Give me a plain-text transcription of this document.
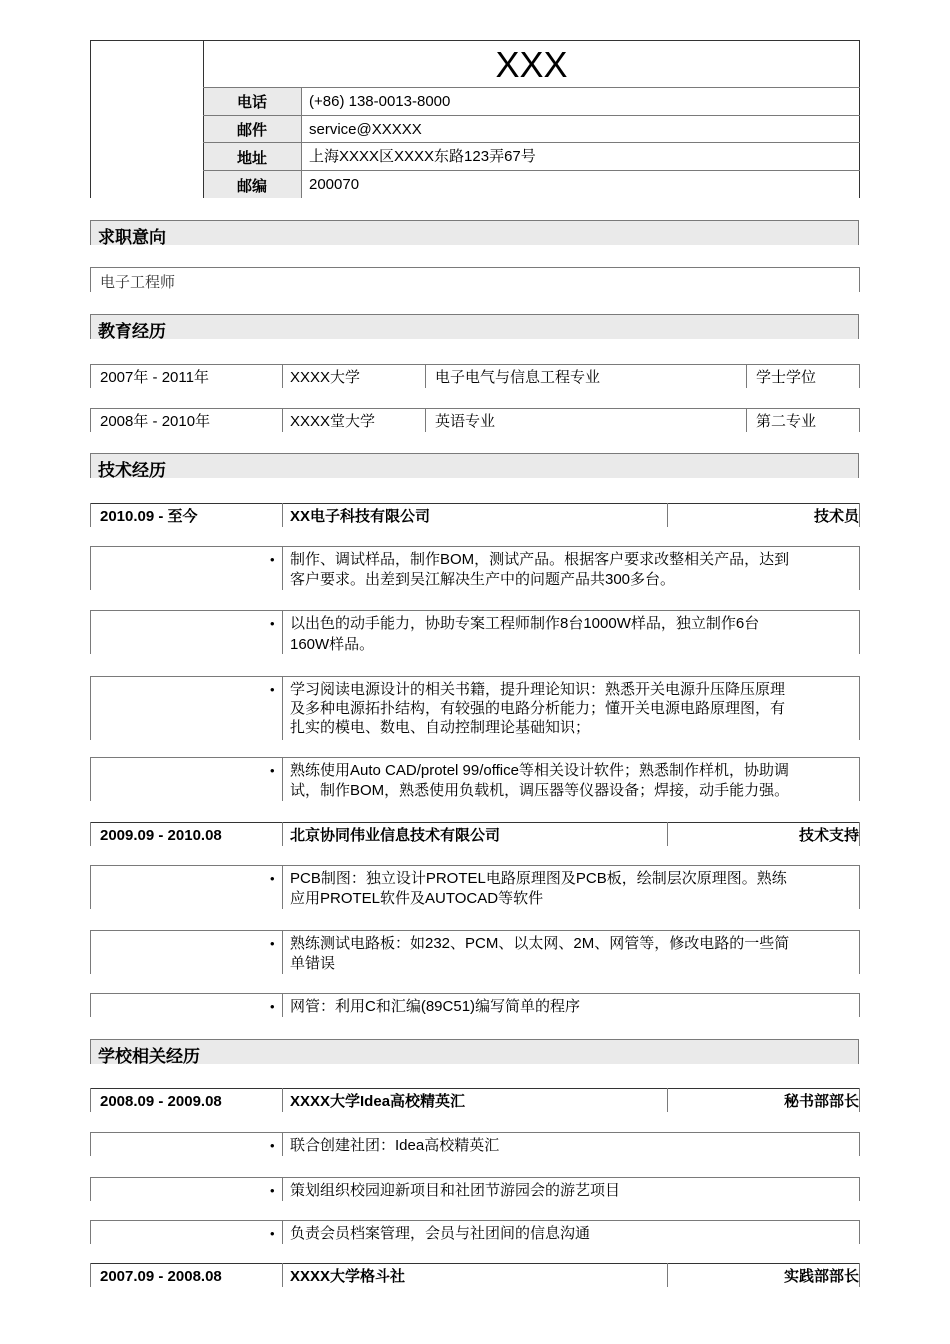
XXX
电话	(+86) 138-0013-8000
邮件	service@XXXXX
地址	上海XXXX区XXXX东路123弄67号
邮编	200070
求职意向
电子工程师
教育经历
2007年 - 2011年	XXXX大学	电子电气与信息工程专业	学士学位
2008年 - 2010年	XXXX堂大学	英语专业	第二专业
技术经历
2010.09 - 至今	XX电子科技有限公司	技术员
• 制作、调试样品，制作BOM，测试产品。根据客户要求改整相关产品，达到
客户要求。出差到吴江解决生产中的问题产品共300多台。
• 以出色的动手能力，协助专案工程师制作8台1000W样品，独立制作6台
160W样品。
• 学习阅读电源设计的相关书籍，提升理论知识：熟悉开关电源升压降压原理
及多种电源拓扑结构，有较强的电路分析能力；懂开关电源电路原理图，有
扎实的模电、数电、自动控制理论基础知识；
• 熟练使用Auto CAD/protel 99/office等相关设计软件；熟悉制作样机，协助调
试，制作BOM，熟悉使用负载机，调压器等仪器设备；焊接，动手能力强。
2009.09 - 2010.08	北京协同伟业信息技术有限公司	技术支持
• PCB制图：独立设计PROTEL电路原理图及PCB板，绘制层次原理图。熟练
应用PROTEL软件及AUTOCAD等软件
• 熟练测试电路板：如232、PCM、以太网、2M、网管等，修改电路的一些简
单错误
• 网管：利用C和汇编(89C51)编写简单的程序
学校相关经历
2008.09 - 2009.08	XXXX大学Idea高校精英汇	秘书部部长
• 联合创建社团：Idea高校精英汇
• 策划组织校园迎新项目和社团节游园会的游艺项目
• 负责会员档案管理，会员与社团间的信息沟通
2007.09 - 2008.08	XXXX大学格斗社	实践部部长
